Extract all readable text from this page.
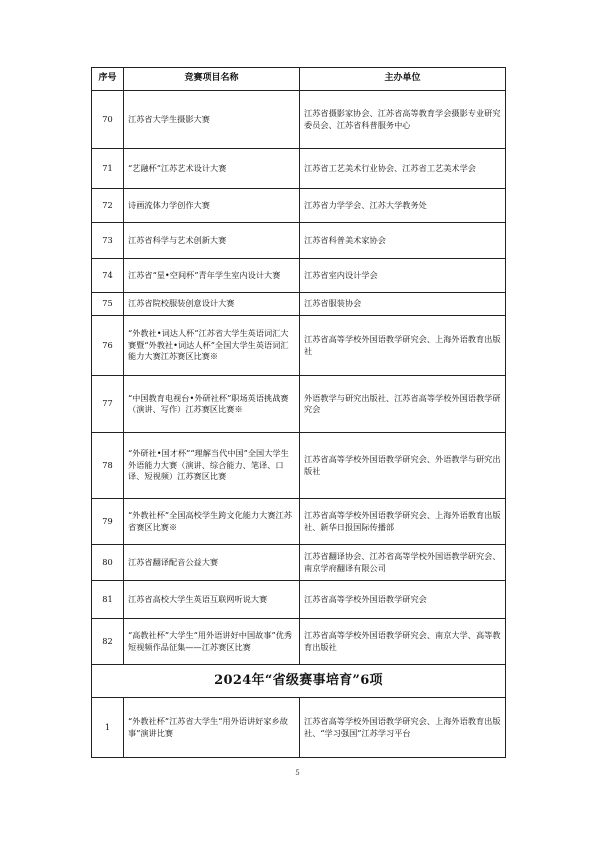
序号	竞赛项目名称	主办单位
70	江苏省大学生摄影大赛	江苏省摄影家协会、江苏省高等教育学会摄影专业研究委员会、江苏省科普服务中心
71	“艺融杯”江苏艺术设计大赛	江苏省工艺美术行业协会、江苏省工艺美术学会
72	诗画流体力学创作大赛	江苏省力学学会、江苏大学教务处
73	江苏省科学与艺术创新大赛	江苏省科普美术家协会
74	江苏省“星•空间杯”青年学生室内设计大赛	江苏省室内设计学会
75	江苏省院校服装创意设计大赛	江苏省服装协会
76	“外教社•词达人杯”江苏省大学生英语词汇大赛暨“外教社•词达人杯”全国大学生英语词汇能力大赛江苏赛区比赛※	江苏省高等学校外国语教学研究会、上海外语教育出版社
77	“中国教育电视台•外研社杯”职场英语挑战赛（演讲、写作）江苏赛区比赛※	外语教学与研究出版社、江苏省高等学校外国语教学研究会
78	“外研社•国才杯”“理解当代中国”全国大学生外语能力大赛（演讲、综合能力、笔译、口译、短视频）江苏赛区比赛	江苏省高等学校外国语教学研究会、外语教学与研究出版社
79	“外教社杯”全国高校学生跨文化能力大赛江苏省赛区比赛※	江苏省高等学校外国语教学研究会、上海外语教育出版社、新华日报国际传播部
80	江苏省翻译配音公益大赛	江苏省翻译协会、江苏省高等学校外国语教学研究会、南京学府翻译有限公司
81	江苏省高校大学生英语互联网听说大赛	江苏省高等学校外国语教学研究会
82	“高教社杯”大学生“用外语讲好中国故事”优秀短视频作品征集——江苏赛区比赛	江苏省高等学校外国语教学研究会、南京大学、高等教育出版社
2024年“省级赛事培育”6项		
1	“外教社杯”江苏省大学生“用外语讲好家乡故事”演讲比赛	江苏省高等学校外国语教学研究会、上海外语教育出版社、“学习强国”江苏学习平台
5
